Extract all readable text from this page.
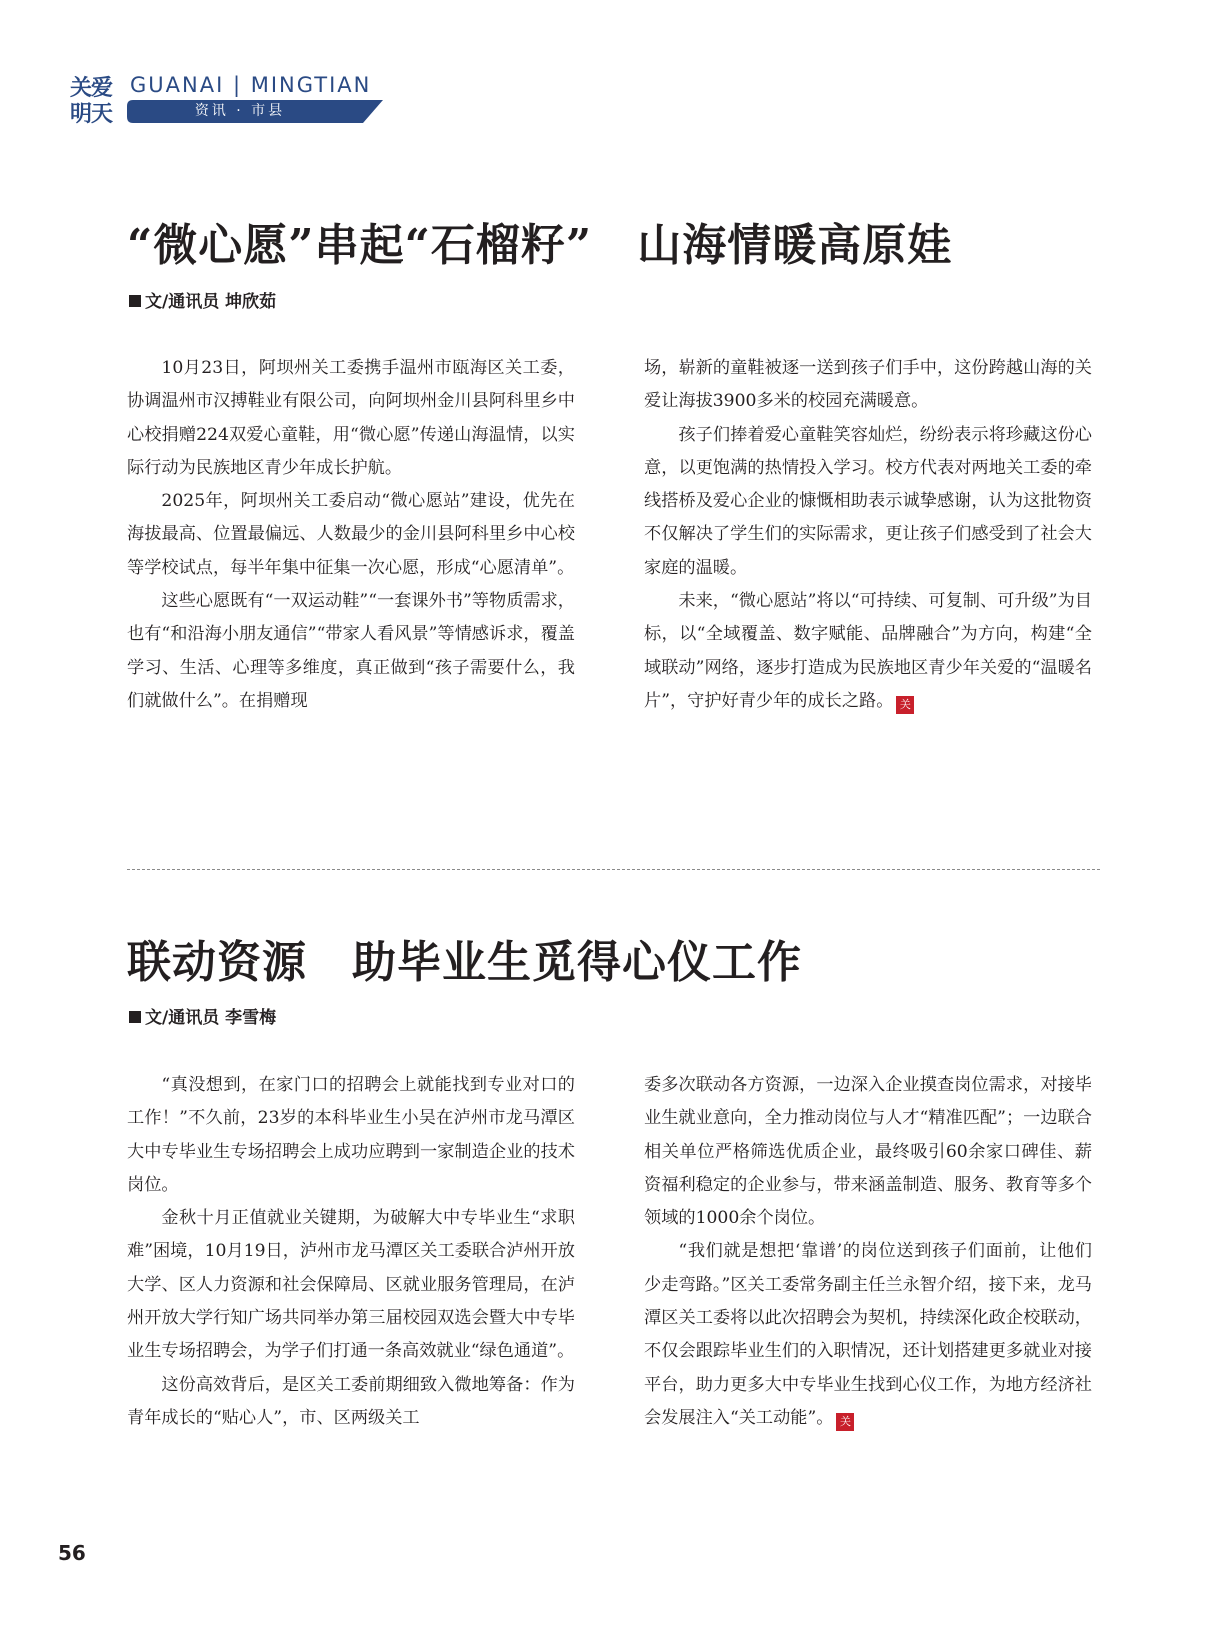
关爱明天
GUANAI | MINGTIAN
资讯 · 市县
“微心愿”串起“石榴籽”　山海情暖高原娃
文/通讯员 坤欣茹

10月23日，阿坝州关工委携手温州市瓯海区关工委，协调温州市汉搏鞋业有限公司，向阿坝州金川县阿科里乡中心校捐赠224双爱心童鞋，用“微心愿”传递山海温情，以实际行动为民族地区青少年成长护航。

2025年，阿坝州关工委启动“微心愿站”建设，优先在海拔最高、位置最偏远、人数最少的金川县阿科里乡中心校等学校试点，每半年集中征集一次心愿，形成“心愿清单”。

这些心愿既有“一双运动鞋”“一套课外书”等物质需求，也有“和沿海小朋友通信”“带家人看风景”等情感诉求，覆盖学习、生活、心理等多维度，真正做到“孩子需要什么，我们就做什么”。在捐赠现

场，崭新的童鞋被逐一送到孩子们手中，这份跨越山海的关爱让海拔3900多米的校园充满暖意。

孩子们捧着爱心童鞋笑容灿烂，纷纷表示将珍藏这份心意，以更饱满的热情投入学习。校方代表对两地关工委的牵线搭桥及爱心企业的慷慨相助表示诚挚感谢，认为这批物资不仅解决了学生们的实际需求，更让孩子们感受到了社会大家庭的温暖。

未来，“微心愿站”将以“可持续、可复制、可升级”为目标，以“全域覆盖、数字赋能、品牌融合”为方向，构建“全域联动”网络，逐步打造成为民族地区青少年关爱的“温暖名片”，守护好青少年的成长之路。 关

联动资源　助毕业生觅得心仪工作
文/通讯员 李雪梅

“真没想到，在家门口的招聘会上就能找到专业对口的工作！”不久前，23岁的本科毕业生小吴在泸州市龙马潭区大中专毕业生专场招聘会上成功应聘到一家制造企业的技术岗位。

金秋十月正值就业关键期，为破解大中专毕业生“求职难”困境，10月19日，泸州市龙马潭区关工委联合泸州开放大学、区人力资源和社会保障局、区就业服务管理局，在泸州开放大学行知广场共同举办第三届校园双选会暨大中专毕业生专场招聘会，为学子们打通一条高效就业“绿色通道”。

这份高效背后，是区关工委前期细致入微地筹备：作为青年成长的“贴心人”，市、区两级关工

委多次联动各方资源，一边深入企业摸查岗位需求，对接毕业生就业意向，全力推动岗位与人才“精准匹配”；一边联合相关单位严格筛选优质企业，最终吸引60余家口碑佳、薪资福利稳定的企业参与，带来涵盖制造、服务、教育等多个领域的1000余个岗位。

“我们就是想把‘靠谱’的岗位送到孩子们面前，让他们少走弯路。”区关工委常务副主任兰永智介绍，接下来，龙马潭区关工委将以此次招聘会为契机，持续深化政企校联动，不仅会跟踪毕业生们的入职情况，还计划搭建更多就业对接平台，助力更多大中专毕业生找到心仪工作，为地方经济社会发展注入“关工动能”。 关

56
